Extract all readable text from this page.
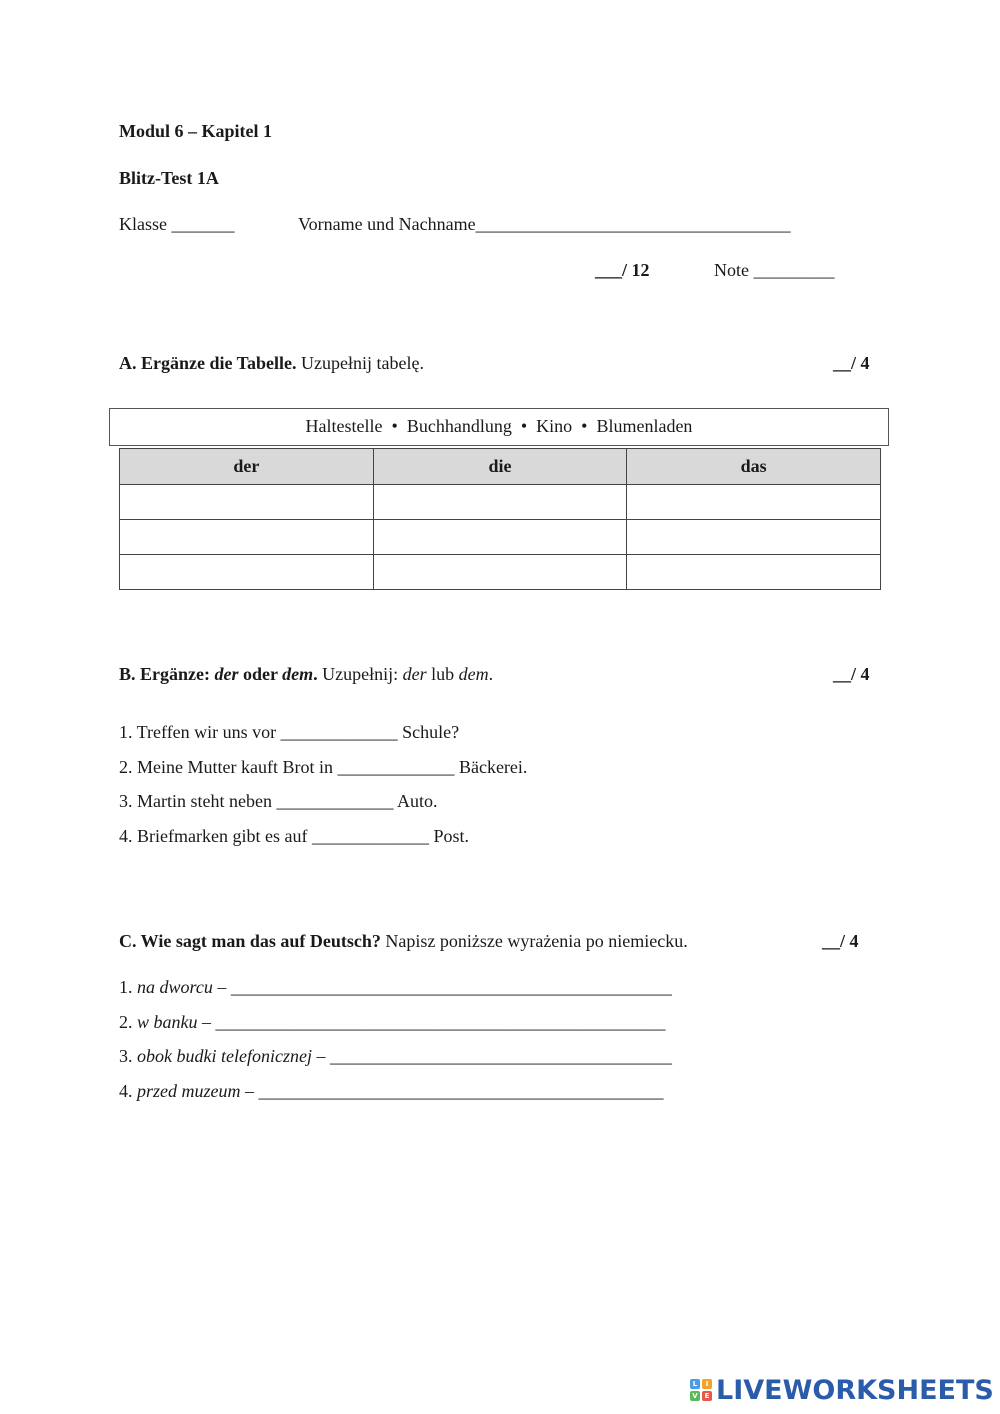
Modul 6 – Kapitel 1
Blitz-Test 1A
Klasse _______	Vorname und Nachname___________________________________
___/ 12	Note _________
A. Ergänze die Tabelle. Uzupełnij tabelę.	__/ 4
Haltestelle • Buchhandlung • Kino • Blumenladen
der	die	das

B. Ergänze: der oder dem. Uzupełnij: der lub dem.	__/ 4
1. Treffen wir uns vor _____________ Schule?
2. Meine Mutter kauft Brot in _____________ Bäckerei.
3. Martin steht neben _____________ Auto.
4. Briefmarken gibt es auf _____________ Post.
C. Wie sagt man das auf Deutsch? Napisz poniższe wyrażenia po niemiecku.	__/ 4
1. na dworcu – _________________________________________________
2. w banku – __________________________________________________
3. obok budki telefonicznej – ______________________________________
4. przed muzeum – _____________________________________________
L	I
V E LIVEWORKSHEETS
